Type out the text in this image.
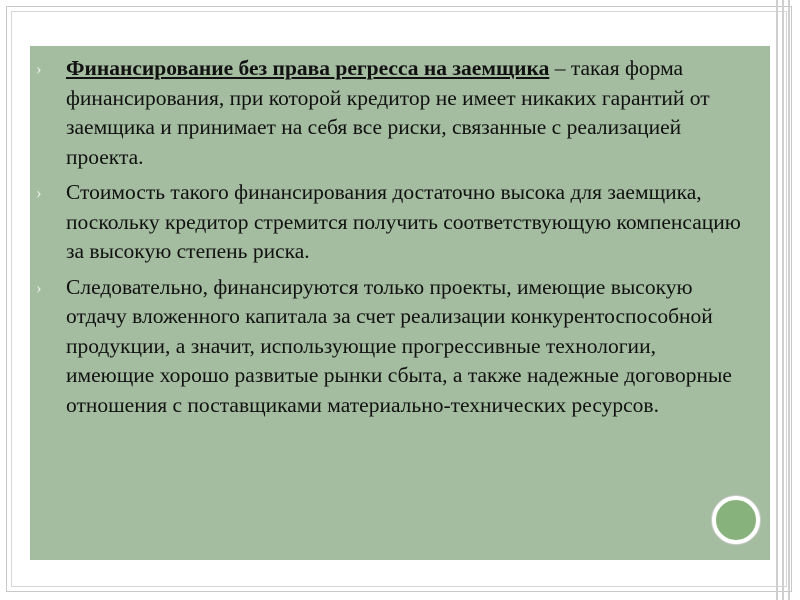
› Финансирование без права регресса на заемщика – такая форма финансирования, при которой кредитор не имеет никаких гарантий от заемщика и принимает на себя все риски, связанные с реализацией проекта.
› Стоимость такого финансирования достаточно высока для заемщика, поскольку кредитор стремится получить соответствующую компенсацию за высокую степень риска.
› Следовательно, финансируются только проекты, имеющие высокую отдачу вложенного капитала за счет реализации конкурентоспособной продукции, а значит, использующие прогрессивные технологии, имеющие хорошо развитые рынки сбыта, а также надежные договорные отношения с поставщиками материально-технических ресурсов.
